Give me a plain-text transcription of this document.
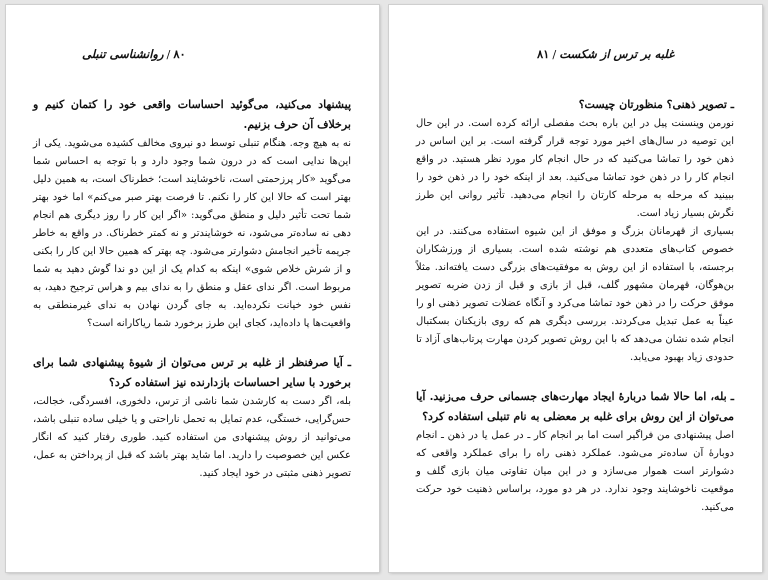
۸۰/روانشناسی تنبلی

پیشنهاد می‌کنید، می‌گوئید احساسات واقعی خود را کتمان کنیم و برخلاف آن حرف بزنیم.

نه به هیچ وجه. هنگام تنبلی توسط دو نیروی مخالف کشیده می‌شوید. یکی از این‌ها ندایی است که در درون شما وجود دارد و با توجه به احساس شما می‌گوید «کار پرزحمتی است، ناخوشایند است؛ خطرناک است، به همین دلیل بهتر است که حالا این کار را نکنم. تا فرصت بهتر صبر می‌کنم» اما خود بهتر شما تحت تأثیر دلیل و منطق می‌گوید: «اگر این کار را روز دیگری هم انجام دهی نه ساده‌تر می‌شود، نه خوشایندتر و نه کمتر خطرناک. در واقع به خاطر جریمه تأخیر انجامش دشوارتر می‌شود. چه بهتر که همین حالا این کار را بکنی و از شرش خلاص شوی» اینکه به کدام یک از این دو ندا گوش دهید به شما مربوط است. اگر ندای عقل و منطق را به ندای بیم و هراس ترجیح دهید، به نفس خود خیانت نکرده‌اید. به جای گردن نهادن به ندای غیرمنطقی به واقعیت‌ها پا داده‌اید، کجای این طرز برخورد شما ریاکارانه است؟

ـ آیا صرفنظر از غلبه بر ترس می‌توان از شیوهٔ پیشنهادی شما برای برخورد با سایر احساسات بازدارنده نیز استفاده کرد؟

بله، اگر دست به کارشدن شما ناشی از ترس، دلخوری، افسردگی، خجالت، حس‌گرایی، خستگی، عدم تمایل به تحمل ناراحتی و یا خیلی ساده تنبلی باشد، می‌توانید از روش پیشنهادی من استفاده کنید. طوری رفتار کنید که انگار عکس این خصوصیت را دارید. اما شاید بهتر باشد که قبل از پرداختن به عمل، تصویر ذهنی مثبتی در خود ایجاد کنید.

غلبه بر ترس از شکست/۸۱

ـ تصویر ذهنی؟ منظورتان چیست؟

نورمن وینسنت پیل در این باره بحث مفصلی ارائه کرده است. در این حال این توصیه در سال‌های اخیر مورد توجه قرار گرفته است. بر این اساس در ذهن خود را تماشا می‌کنید که در حال انجام کار مورد نظر هستید. در واقع انجام کار را در ذهن خود تماشا می‌کنید. بعد از اینکه خود را در ذهن خود را ببینید که مرحله به مرحله کارتان را انجام می‌دهید. تأثیر روانی این طرز نگرش بسیار زیاد است.

بسیاری از قهرمانان بزرگ و موفق از این شیوه استفاده می‌کنند. در این خصوص کتاب‌های متعددی هم نوشته شده است. بسیاری از ورزشکاران برجسته، با استفاده از این روش به موفقیت‌های بزرگی دست یافته‌اند. مثلاً بن‌هوگان، قهرمان مشهور گلف، قبل از بازی و قبل از زدن ضربه تصویر موفق حرکت را در ذهن خود تماشا می‌کرد و آنگاه عضلات تصویر ذهنی او را عیناً به عمل تبدیل می‌کردند. بررسی دیگری هم که روی بازیکنان بسکتبال انجام شده نشان می‌دهد که با این روش تصویر کردن مهارت پرتاب‌های آزاد تا حدودی زیاد بهبود می‌یابد.

ـ بله، اما حالا شما دربارهٔ ایجاد مهارت‌های جسمانی حرف می‌زنید. آیا می‌توان از این روش برای غلبه بر معضلی به نام تنبلی استفاده کرد؟

اصل پیشنهادی من فراگیر است اما بر انجام کار ـ در عمل یا در ذهن ـ انجام دوبارهٔ آن ساده‌تر می‌شود. عملکرد ذهنی راه را برای عملکرد واقعی که دشوارتر است هموار می‌سازد و در این میان تفاوتی میان بازی گلف و موقعیت ناخوشایند وجود ندارد. در هر دو مورد، براساس ذهنیت خود حرکت می‌کنید.
